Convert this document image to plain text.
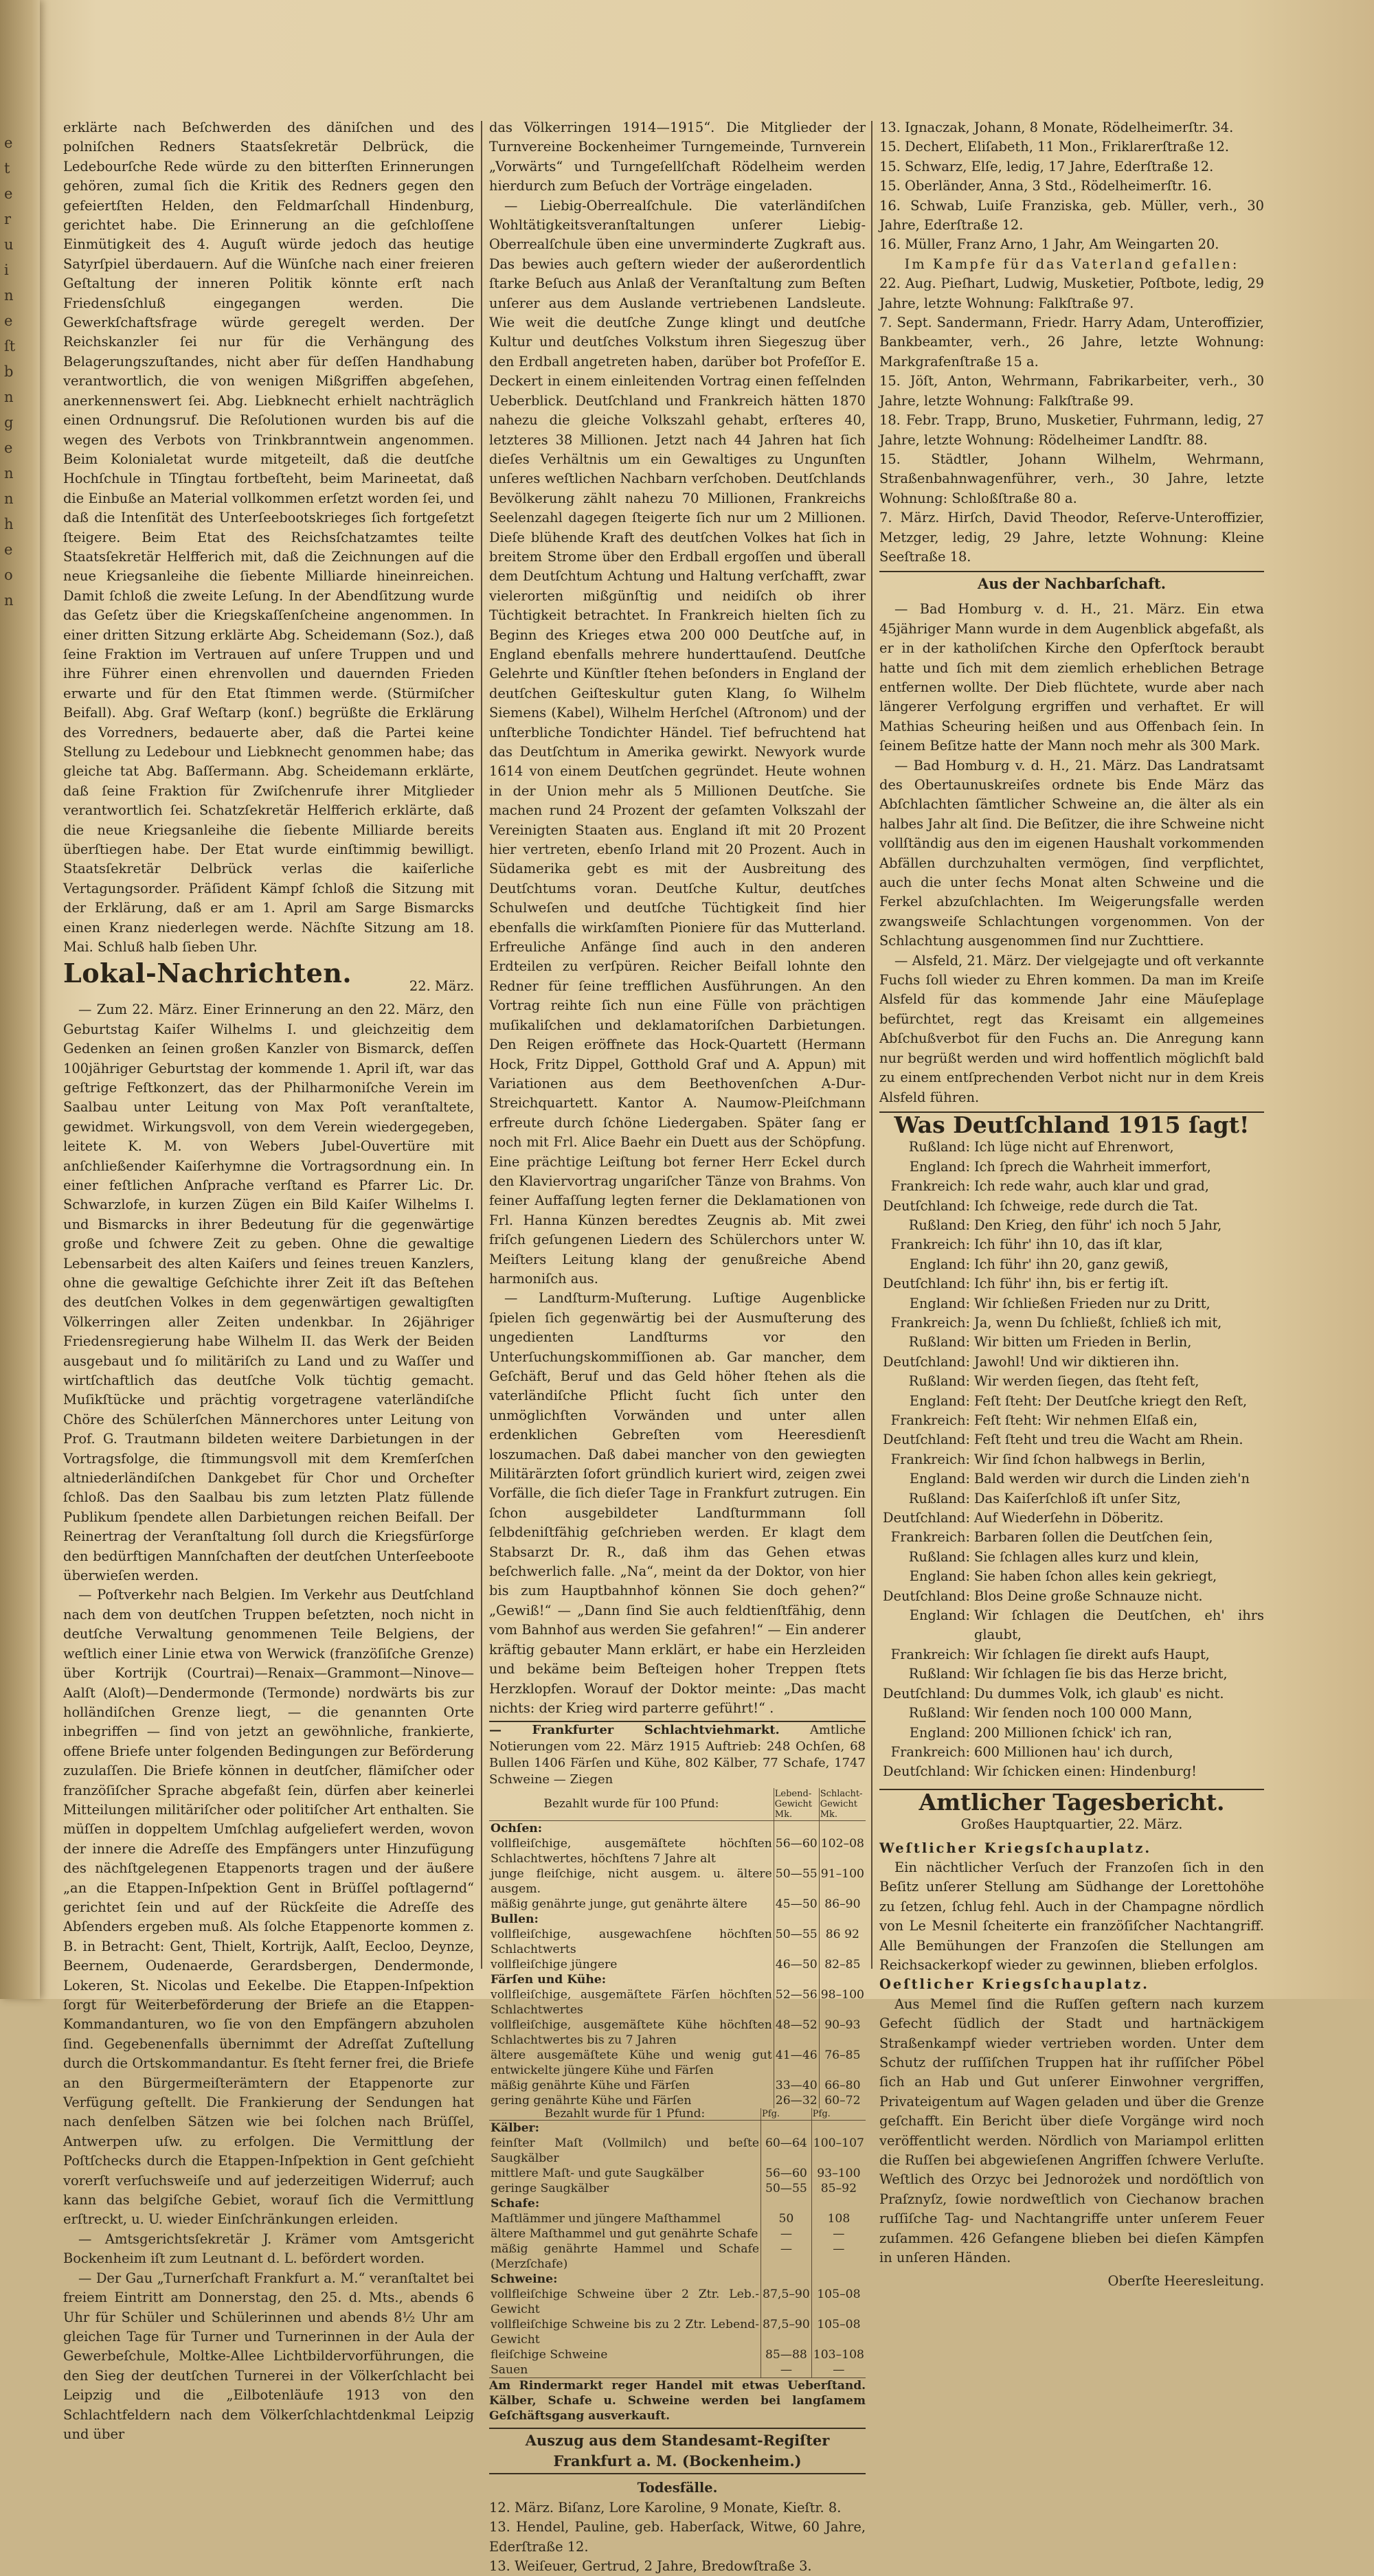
e
t
e
r
u
i
n
e
ſt
b
n
g
e
n
n
h
e
o
n

erklärte nach Beſchwerden des däniſchen und des polniſchen Redners Staatsſekretär Delbrück, die Ledebourſche Rede würde zu den bitterſten Erinnerungen gehören, zumal ſich die Kritik des Redners gegen den gefeiertſten Helden, den Feldmarſchall Hindenburg, gerichtet habe. Die Erinnerung an die geſchloſſene Einmütigkeit des 4. Auguſt würde jedoch das heutige Satyrſpiel überdauern. Auf die Wünſche nach einer freieren Geſtaltung der inneren Politik könnte erſt nach Friedensſchluß eingegangen werden. Die Gewerkſchaftsfrage würde geregelt werden. Der Reichskanzler ſei nur für die Verhängung des Belagerungszuſtandes, nicht aber für deſſen Handhabung verantwortlich, die von wenigen Mißgriffen abgeſehen, anerkennenswert ſei. Abg. Liebknecht erhielt nachträglich einen Ordnungsruf. Die Reſolutionen wurden bis auf die wegen des Verbots von Trinkbranntwein angenommen. Beim Kolonialetat wurde mitgeteilt, daß die deutſche Hochſchule in Tſingtau fortbeſteht, beim Marineetat, daß die Einbuße an Material vollkommen erſetzt worden ſei, und daß die Intenſität des Unterſeebootskrieges ſich fortgeſetzt ſteigere. Beim Etat des Reichsſchatzamtes teilte Staatsſekretär Helfferich mit, daß die Zeichnungen auf die neue Kriegsanleihe die ſiebente Milliarde hineinreichen. Damit ſchloß die zweite Leſung. In der Abendſitzung wurde das Geſetz über die Kriegskaſſenſcheine angenommen. In einer dritten Sitzung erklärte Abg. Scheidemann (Soz.), daß ſeine Fraktion im Vertrauen auf unſere Truppen und und ihre Führer einen ehrenvollen und dauernden Frieden erwarte und für den Etat ſtimmen werde. (Stürmiſcher Beifall). Abg. Graf Weſtarp (konſ.) begrüßte die Erklärung des Vorredners, bedauerte aber, daß die Partei keine Stellung zu Ledebour und Liebknecht genommen habe; das gleiche tat Abg. Baſſermann. Abg. Scheidemann erklärte, daß ſeine Fraktion für Zwiſchenrufe ihrer Mitglieder verantwortlich ſei. Schatzſekretär Helfferich erklärte, daß die neue Kriegsanleihe die ſiebente Milliarde bereits überſtiegen habe. Der Etat wurde einſtimmig bewilligt. Staatsſekretär Delbrück verlas die kaiſerliche Vertagungsorder. Präſident Kämpf ſchloß die Sitzung mit der Erklärung, daß er am 1. April am Sarge Bismarcks einen Kranz niederlegen werde. Nächſte Sitzung am 18. Mai. Schluß halb ſieben Uhr.

Lokal-Nachrichten.	22. März.

— Zum 22. März. Einer Erinnerung an den 22. März, den Geburtstag Kaiſer Wilhelms I. und gleichzeitig dem Gedenken an ſeinen großen Kanzler von Bismarck, deſſen 100jähriger Geburtstag der kommende 1. April iſt, war das geſtrige Feſtkonzert, das der Philharmoniſche Verein im Saalbau unter Leitung von Max Poſt veranſtaltete, gewidmet. Wirkungsvoll, von dem Verein wiedergegeben, leitete K. M. von Webers Jubel-Ouvertüre mit anſchließender Kaiſerhymne die Vortragsordnung ein. In einer feſtlichen Anſprache verſtand es Pfarrer Lic. Dr. Schwarzlofe, in kurzen Zügen ein Bild Kaiſer Wilhelms I. und Bismarcks in ihrer Bedeutung für die gegenwärtige große und ſchwere Zeit zu geben. Ohne die gewaltige Lebensarbeit des alten Kaiſers und ſeines treuen Kanzlers, ohne die gewaltige Geſchichte ihrer Zeit iſt das Beſtehen des deutſchen Volkes in dem gegenwärtigen gewaltigſten Völkerringen aller Zeiten undenkbar. In 26jähriger Friedensregierung habe Wilhelm II. das Werk der Beiden ausgebaut und ſo militäriſch zu Land und zu Waſſer und wirtſchaftlich das deutſche Volk tüchtig gemacht. Muſikſtücke und prächtig vorgetragene vaterländiſche Chöre des Schülerſchen Männerchores unter Leitung von Prof. G. Trautmann bildeten weitere Darbietungen in der Vortragsfolge, die ſtimmungsvoll mit dem Kremſerſchen altniederländiſchen Dankgebet für Chor und Orcheſter ſchloß. Das den Saalbau bis zum letzten Platz füllende Publikum ſpendete allen Darbietungen reichen Beifall. Der Reinertrag der Veranſtaltung ſoll durch die Kriegsfürſorge den bedürftigen Mannſchaften der deutſchen Unterſeeboote überwieſen werden.

— Poſtverkehr nach Belgien. Im Verkehr aus Deutſchland nach dem von deutſchen Truppen beſetzten, noch nicht in deutſche Verwaltung genommenen Teile Belgiens, der weſtlich einer Linie etwa von Werwick (franzöſiſche Grenze) über Kortrijk (Courtrai)—Renaix—Grammont—Ninove—Aalſt (Aloſt)—Dendermonde (Termonde) nordwärts bis zur holländiſchen Grenze liegt, — die genannten Orte inbegriffen — ſind von jetzt an gewöhnliche, frankierte, offene Briefe unter folgenden Bedingungen zur Beförderung zuzulaſſen. Die Briefe können in deutſcher, flämiſcher oder franzöſiſcher Sprache abgefaßt ſein, dürfen aber keinerlei Mitteilungen militäriſcher oder politiſcher Art enthalten. Sie müſſen in doppeltem Umſchlag aufgeliefert werden, wovon der innere die Adreſſe des Empfängers unter Hinzufügung des nächſtgelegenen Etappenorts tragen und der äußere „an die Etappen-Inſpektion Gent in Brüſſel poſtlagernd“ gerichtet ſein und auf der Rückſeite die Adreſſe des Abſenders ergeben muß. Als ſolche Etappenorte kommen z. B. in Betracht: Gent, Thielt, Kortrijk, Aalſt, Eecloo, Deynze, Beernem, Oudenaerde, Gerardsbergen, Dendermonde, Lokeren, St. Nicolas und Eekelbe. Die Etappen-Inſpektion ſorgt für Weiterbeförderung der Briefe an die Etappen-Kommandanturen, wo ſie von den Empfängern abzuholen ſind. Gegebenenfalls übernimmt der Adreſſat Zuſtellung durch die Ortskommandantur. Es ſteht ferner frei, die Briefe an den Bürgermeiſterämtern der Etappenorte zur Verfügung geſtellt. Die Frankierung der Sendungen hat nach denſelben Sätzen wie bei ſolchen nach Brüſſel, Antwerpen uſw. zu erfolgen. Die Vermittlung der Poſtſchecks durch die Etappen-Inſpektion in Gent geſchieht vorerſt verſuchsweiſe und auf jederzeitigen Widerruf; auch kann das belgiſche Gebiet, worauf ſich die Vermittlung erſtreckt, u. U. wieder Einſchränkungen erleiden.

— Amtsgerichtsſekretär J. Krämer vom Amtsgericht Bockenheim iſt zum Leutnant d. L. befördert worden.

— Der Gau „Turnerſchaft Frankfurt a. M.“ veranſtaltet bei freiem Eintritt am Donnerstag, den 25. d. Mts., abends 6 Uhr für Schüler und Schülerinnen und abends 8½ Uhr am gleichen Tage für Turner und Turnerinnen in der Aula der Gewerbeſchule, Moltke-Allee Lichtbildervorführungen, die den Sieg der deutſchen Turnerei in der Völkerſchlacht bei Leipzig und die „Eilbotenläufe 1913 von den Schlachtfeldern nach dem Völkerſchlachtdenkmal Leipzig und über

das Völkerringen 1914—1915“. Die Mitglieder der Turnvereine Bockenheimer Turngemeinde, Turnverein „Vorwärts“ und Turngeſellſchaft Rödelheim werden hierdurch zum Beſuch der Vorträge eingeladen.

— Liebig-Oberrealſchule. Die vaterländiſchen Wohltätigkeitsveranſtaltungen unſerer Liebig-Oberrealſchule üben eine unverminderte Zugkraft aus. Das bewies auch geſtern wieder der außerordentlich ſtarke Beſuch aus Anlaß der Veranſtaltung zum Beſten unſerer aus dem Auslande vertriebenen Landsleute. Wie weit die deutſche Zunge klingt und deutſche Kultur und deutſches Volkstum ihren Siegeszug über den Erdball angetreten haben, darüber bot Profeſſor E. Deckert in einem einleitenden Vortrag einen feſſelnden Ueberblick. Deutſchland und Frankreich hätten 1870 nahezu die gleiche Volkszahl gehabt, erſteres 40, letzteres 38 Millionen. Jetzt nach 44 Jahren hat ſich dieſes Verhältnis um ein Gewaltiges zu Ungunſten unſeres weſtlichen Nachbarn verſchoben. Deutſchlands Bevölkerung zählt nahezu 70 Millionen, Frankreichs Seelenzahl dagegen ſteigerte ſich nur um 2 Millionen. Dieſe blühende Kraft des deutſchen Volkes hat ſich in breitem Strome über den Erdball ergoſſen und überall dem Deutſchtum Achtung und Haltung verſchafft, zwar vielerorten mißgünſtig und neidiſch ob ihrer Tüchtigkeit betrachtet. In Frankreich hielten ſich zu Beginn des Krieges etwa 200 000 Deutſche auf, in England ebenfalls mehrere hunderttauſend. Deutſche Gelehrte und Künſtler ſtehen beſonders in England der deutſchen Geiſteskultur guten Klang, ſo Wilhelm Siemens (Kabel), Wilhelm Herſchel (Aſtronom) und der unſterbliche Tondichter Händel. Tief befruchtend hat das Deutſchtum in Amerika gewirkt. Newyork wurde 1614 von einem Deutſchen gegründet. Heute wohnen in der Union mehr als 5 Millionen Deutſche. Sie machen rund 24 Prozent der geſamten Volkszahl der Vereinigten Staaten aus. England iſt mit 20 Prozent hier vertreten, ebenſo Irland mit 20 Prozent. Auch in Südamerika gebt es mit der Ausbreitung des Deutſchtums voran. Deutſche Kultur, deutſches Schulweſen und deutſche Tüchtigkeit ſind hier ebenfalls die wirkſamſten Pioniere für das Mutterland. Erfreuliche Anfänge ſind auch in den anderen Erdteilen zu verſpüren. Reicher Beifall lohnte den Redner für ſeine trefflichen Ausführungen. An den Vortrag reihte ſich nun eine Fülle von prächtigen muſikaliſchen und deklamatoriſchen Darbietungen. Den Reigen eröffnete das Hock-Quartett (Hermann Hock, Fritz Dippel, Gotthold Graf und A. Appun) mit Variationen aus dem Beethovenſchen A-Dur-Streichquartett. Kantor A. Naumow-Pleiſchmann erfreute durch ſchöne Liedergaben. Später ſang er noch mit Frl. Alice Baehr ein Duett aus der Schöpfung. Eine prächtige Leiſtung bot ferner Herr Eckel durch den Klaviervortrag ungariſcher Tänze von Brahms. Von feiner Auffaſſung legten ferner die Deklamationen von Frl. Hanna Künzen beredtes Zeugnis ab. Mit zwei friſch geſungenen Liedern des Schülerchors unter W. Meiſters Leitung klang der genußreiche Abend harmoniſch aus.

— Landſturm-Muſterung. Luſtige Augenblicke ſpielen ſich gegenwärtig bei der Ausmuſterung des ungedienten Landſturms vor den Unterſuchungskommiſſionen ab. Gar mancher, dem Geſchäft, Beruf und das Geld höher ſtehen als die vaterländiſche Pflicht ſucht ſich unter den unmöglichſten Vorwänden und unter allen erdenklichen Gebreſten vom Heeresdienſt loszumachen. Daß dabei mancher von den gewiegten Militärärzten ſofort gründlich kuriert wird, zeigen zwei Vorfälle, die ſich dieſer Tage in Frankfurt zutrugen. Ein ſchon ausgebildeter Landſturmmann ſoll ſelbdeniſtfähig geſchrieben werden. Er klagt dem Stabsarzt Dr. R., daß ihm das Gehen etwas beſchwerlich falle. „Na“, meint da der Doktor, von hier bis zum Hauptbahnhof können Sie doch gehen?“ „Gewiß!“ — „Dann ſind Sie auch feldtienſtfähig, denn vom Bahnhof aus werden Sie gefahren!“ — Ein anderer kräftig gebauter Mann erklärt, er habe ein Herzleiden und bekäme beim Beſteigen hoher Treppen ſtets Herzklopfen. Worauf der Doktor meinte: „Das macht nichts: der Krieg wird parterre geführt!“ .

— Frankfurter Schlachtviehmarkt. Amtliche Notierungen vom 22. März 1915 Auftrieb: 248 Ochſen, 68 Bullen 1406 Färſen und Kühe, 802 Kälber, 77 Schafe, 1747 Schweine — Ziegen

Bezahlt wurde für 100 Pfund:	Lebend-Gewicht Mk.	Schlacht-Gewicht Mk.
Ochſen:		
vollfleiſchige, ausgemäſtete höchſten Schlachtwertes, höchſtens 7 Jahre alt	56—60	102–08
junge fleiſchige, nicht ausgem. u. ältere ausgem.	50—55	91–100
mäßig genährte junge, gut genährte ältere	45—50	86–90
Bullen:		
vollfleiſchige, ausgewachſene höchſten Schlachtwerts	50—55	86 92
vollfleiſchige jüngere	46—50	82–85
Färſen und Kühe:		
vollfleiſchige, ausgemäſtete Färſen höchſten Schlachtwertes	52—56	98–100
vollfleiſchige, ausgemäſtete Kühe höchſten Schlachtwertes bis zu 7 Jahren	48—52	90–93
ältere ausgemäſtete Kühe und wenig gut entwickelte jüngere Kühe und Färſen	41—46	76–85
mäßig genährte Kühe und Färſen	33—40	66–80
gering genährte Kühe und Färſen	26—32	60–72
Bezahlt wurde für 1 Pfund:	Pfg.	Pfg.
Kälber:		
feinſter Maſt (Vollmilch) und beſte Saugkälber	60—64	100–107
mittlere Maſt- und gute Saugkälber	56—60	93–100
geringe Saugkälber	50—55	85–92
Schafe:		
Maſtlämmer und jüngere Maſthammel	50	108
ältere Maſthammel und gut genährte Schafe	—	—
mäßig genährte Hammel und Schafe (Merzſchafe)	—	—
Schweine:		
vollfleiſchige Schweine über 2 Ztr. Leb.-Gewicht	87,5–90	105–08
vollfleiſchige Schweine bis zu 2 Ztr. Lebend-Gewicht	87,5–90	105–08
fleiſchige Schweine	85—88	103–108
Sauen	—	—

Am Rindermarkt reger Handel mit etwas Ueberſtand. Kälber, Schafe u. Schweine werden bei langſamem Geſchäftsgang ausverkauft.

Auszug aus dem Standesamt-Regiſter Frankfurt a. M. (Bockenheim.)
Todesfälle.

12. März. Biſanz, Lore Karoline, 9 Monate, Kieſtr. 8.

13. Hendel, Pauline, geb. Haberſack, Witwe, 60 Jahre, Ederſtraße 12.

13. Weiſeuer, Gertrud, 2 Jahre, Bredowſtraße 3.

13. Ignaczak, Johann, 8 Monate, Rödelheimerſtr. 34.

15. Dechert, Eliſabeth, 11 Mon., Friklarerſtraße 12.

15. Schwarz, Elſe, ledig, 17 Jahre, Ederſtraße 12.

15. Oberländer, Anna, 3 Std., Rödelheimerſtr. 16.

16. Schwab, Luiſe Franziska, geb. Müller, verh., 30 Jahre, Ederſtraße 12.

16. Müller, Franz Arno, 1 Jahr, Am Weingarten 20.

Im Kampfe für das Vaterland gefallen:

22. Aug. Pieſhart, Ludwig, Musketier, Poſtbote, ledig, 29 Jahre, letzte Wohnung: Falkſtraße 97.

7. Sept. Sandermann, Friedr. Harry Adam, Unteroffizier, Bankbeamter, verh., 26 Jahre, letzte Wohnung: Markgrafenſtraße 15 a.

15. Jöſt, Anton, Wehrmann, Fabrikarbeiter, verh., 30 Jahre, letzte Wohnung: Falkſtraße 99.

18. Febr. Trapp, Bruno, Musketier, Fuhrmann, ledig, 27 Jahre, letzte Wohnung: Rödelheimer Landſtr. 88.

15. Städtler, Johann Wilhelm, Wehrmann, Straßenbahnwagenführer, verh., 30 Jahre, letzte Wohnung: Schloßſtraße 80 a.

7. März. Hirſch, David Theodor, Reſerve-Unteroffizier, Metzger, ledig, 29 Jahre, letzte Wohnung: Kleine Seeſtraße 18.

Aus der Nachbarſchaft.

— Bad Homburg v. d. H., 21. März. Ein etwa 45jähriger Mann wurde in dem Augenblick abgefaßt, als er in der katholiſchen Kirche den Opferſtock beraubt hatte und ſich mit dem ziemlich erheblichen Betrage entfernen wollte. Der Dieb flüchtete, wurde aber nach längerer Verfolgung ergriffen und verhaftet. Er will Mathias Scheuring heißen und aus Offenbach ſein. In ſeinem Beſitze hatte der Mann noch mehr als 300 Mark.

— Bad Homburg v. d. H., 21. März. Das Landratsamt des Obertaunuskreiſes ordnete bis Ende März das Abſchlachten ſämtlicher Schweine an, die älter als ein halbes Jahr alt ſind. Die Beſitzer, die ihre Schweine nicht vollſtändig aus den im eigenen Haushalt vorkommenden Abfällen durchzuhalten vermögen, ſind verpflichtet, auch die unter ſechs Monat alten Schweine und die Ferkel abzuſchlachten. Im Weigerungsfalle werden zwangsweiſe Schlachtungen vorgenommen. Von der Schlachtung ausgenommen ſind nur Zuchttiere.

— Alsfeld, 21. März. Der vielgejagte und oft verkannte Fuchs ſoll wieder zu Ehren kommen. Da man im Kreiſe Alsfeld für das kommende Jahr eine Mäuſeplage befürchtet, regt das Kreisamt ein allgemeines Abſchußverbot für den Fuchs an. Die Anregung kann nur begrüßt werden und wird hoffentlich möglichſt bald zu einem entſprechenden Verbot nicht nur in dem Kreis Alsfeld führen.

Was Deutſchland 1915 ſagt!
Rußland:	Ich lüge nicht auf Ehrenwort,
England:	Ich ſprech die Wahrheit immerfort,
Frankreich:	Ich rede wahr, auch klar und grad,
Deutſchland:	Ich ſchweige, rede durch die Tat.
Rußland:	Den Krieg, den führ' ich noch 5 Jahr,
Frankreich:	Ich führ' ihn 10, das iſt klar,
England:	Ich führ' ihn 20, ganz gewiß,
Deutſchland:	Ich führ' ihn, bis er fertig iſt.
England:	Wir ſchließen Frieden nur zu Dritt,
Frankreich:	Ja, wenn Du ſchließt, ſchließ ich mit,
Rußland:	Wir bitten um Frieden in Berlin,
Deutſchland:	Jawohl! Und wir diktieren ihn.
Rußland:	Wir werden ſiegen, das ſteht feſt,
England:	Feſt ſteht: Der Deutſche kriegt den Reſt,
Frankreich:	Feſt ſteht: Wir nehmen Elſaß ein,
Deutſchland:	Feſt ſteht und treu die Wacht am Rhein.
Frankreich:	Wir ſind ſchon halbwegs in Berlin,
England:	Bald werden wir durch die Linden zieh'n
Rußland:	Das Kaiſerſchloß iſt unſer Sitz,
Deutſchland:	Auf Wiederſehn in Döberitz.
Frankreich:	Barbaren ſollen die Deutſchen ſein,
Rußland:	Sie ſchlagen alles kurz und klein,
England:	Sie haben ſchon alles kein gekriegt,
Deutſchland:	Blos Deine große Schnauze nicht.
England:	Wir ſchlagen die Deutſchen, eh' ihrs glaubt,
Frankreich:	Wir ſchlagen ſie direkt aufs Haupt,
Rußland:	Wir ſchlagen ſie bis das Herze bricht,
Deutſchland:	Du dummes Volk, ich glaub' es nicht.
Rußland:	Wir ſenden noch 100 000 Mann,
England:	200 Millionen ſchick' ich ran,
Frankreich:	600 Millionen hau' ich durch,
Deutſchland:	Wir ſchicken einen: Hindenburg!
Amtlicher Tagesbericht.
Großes Hauptquartier, 22. März.
Weſtlicher Kriegsſchauplatz.

Ein nächtlicher Verſuch der Franzoſen ſich in den Beſitz unſerer Stellung am Südhange der Lorettohöhe zu ſetzen, ſchlug fehl. Auch in der Champagne nördlich von Le Mesnil ſcheiterte ein franzöſiſcher Nachtangriff. Alle Bemühungen der Franzoſen die Stellungen am Reichsackerkopf wieder zu gewinnen, blieben erfolglos.

Oeſtlicher Kriegsſchauplatz.

Aus Memel ſind die Ruſſen geſtern nach kurzem Gefecht ſüdlich der Stadt und hartnäckigem Straßenkampf wieder vertrieben worden. Unter dem Schutz der ruſſiſchen Truppen hat ihr ruſſiſcher Pöbel ſich an Hab und Gut unſerer Einwohner vergriffen, Privateigentum auf Wagen geladen und über die Grenze geſchafft. Ein Bericht über dieſe Vorgänge wird noch veröffentlicht werden. Nördlich von Mariampol erlitten die Ruſſen bei abgewieſenen Angriffen ſchwere Verluſte. Weſtlich des Orzyc bei Jednorożek und nordöſtlich von Praſznyſz, ſowie nordweſtlich von Ciechanow brachen ruſſiſche Tag- und Nachtangriffe unter unſerem Feuer zuſammen. 426 Gefangene blieben bei dieſen Kämpfen in unſeren Händen.

Oberſte Heeresleitung.
